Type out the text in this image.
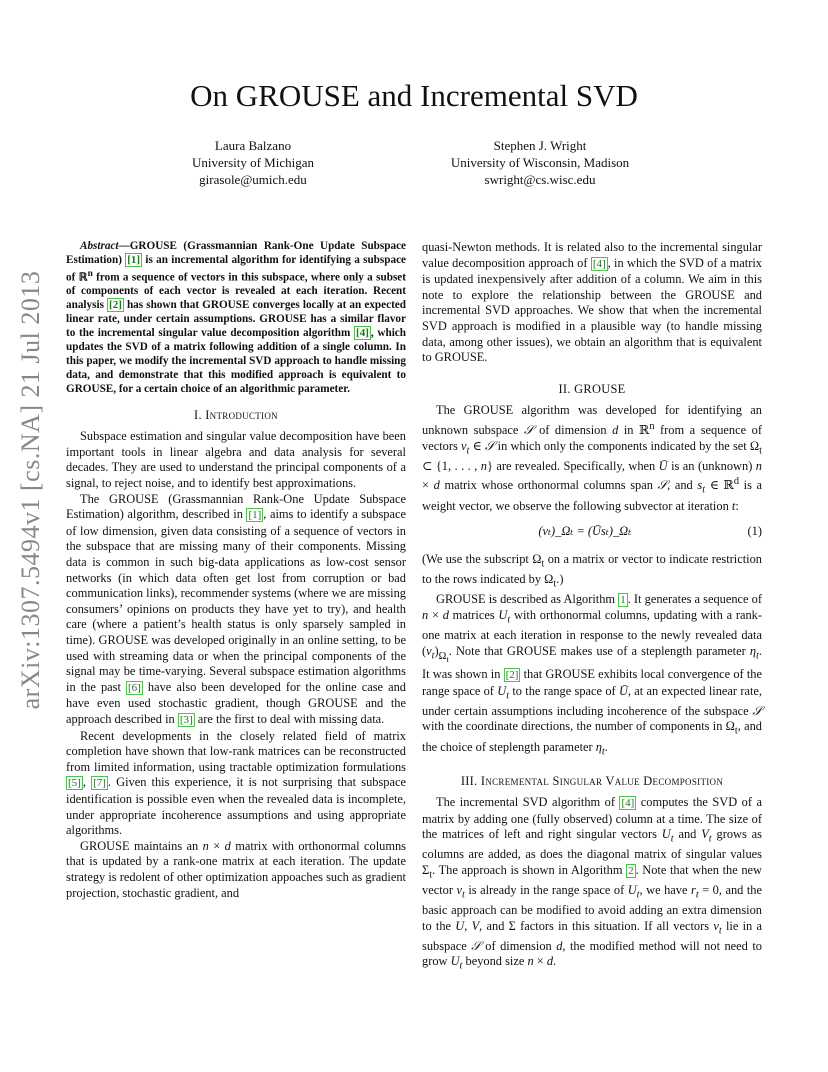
arXiv:1307.5494v1 [cs.NA] 21 Jul 2013
On GROUSE and Incremental SVD
Laura Balzano
University of Michigan
girasole@umich.edu
Stephen J. Wright
University of Wisconsin, Madison
swright@cs.wisc.edu

Abstract—GROUSE (Grassmannian Rank-One Update Subspace Estimation) [1] is an incremental algorithm for identifying a subspace of ℝ$^n$ from a sequence of vectors in this subspace, where only a subset of components of each vector is revealed at each iteration. Recent analysis [2] has shown that GROUSE converges locally at an expected linear rate, under certain assumptions. GROUSE has a similar flavor to the incremental singular value decomposition algorithm [4] , which updates the SVD of a matrix following addition of a single column. In this paper, we modify the incremental SVD approach to handle missing data, and demonstrate that this modified approach is equivalent to GROUSE, for a certain choice of an algorithmic parameter.

I. Introduction

Subspace estimation and singular value decomposition have been important tools in linear algebra and data analysis for several decades. They are used to understand the principal components of a signal, to reject noise, and to identify best approximations.

The GROUSE (Grassmannian Rank-One Update Subspace Estimation) algorithm, described in [1] , aims to identify a subspace of low dimension, given data consisting of a sequence of vectors in the subspace that are missing many of their components. Missing data is common in such big-data applications as low-cost sensor networks (in which data often get lost from corruption or bad communication links), recommender systems (where we are missing consumers’ opinions on products they have yet to try), and health care (where a patient’s health status is only sparsely sampled in time). GROUSE was developed originally in an online setting, to be used with streaming data or when the principal components of the signal may be time-varying. Several subspace estimation algorithms in the past [6] have also been developed for the online case and have even used stochastic gradient, though GROUSE and the approach described in [3] are the first to deal with missing data.

Recent developments in the closely related field of matrix completion have shown that low-rank matrices can be reconstructed from limited information, using tractable optimization formulations [5] , [7] . Given this experience, it is not surprising that subspace identification is possible even when the revealed data is incomplete, under appropriate incoherence assumptions and using appropriate algorithms.

GROUSE maintains an n × d matrix with orthonormal columns that is updated by a rank-one matrix at each iteration. The update strategy is redolent of other optimization appoaches such as gradient projection, stochastic gradient, and

quasi-Newton methods. It is related also to the incremental singular value decomposition approach of [4] , in which the SVD of a matrix is updated inexpensively after addition of a column. We aim in this note to explore the relationship between the GROUSE and incremental SVD approaches. We show that when the incremental SVD approach is modified in a plausible way (to handle missing data, among other issues), we obtain an algorithm that is equivalent to GROUSE.

II. GROUSE

The GROUSE algorithm was developed for identifying an unknown subspace 𝒮 of dimension d in ℝ$^n$ from a sequence of vectors $v_t$ ∈ 𝒮 in which only the components indicated by the set $\Omega_t$ ⊂ {1, . . . , n} are revealed. Specifically, when Ū is an (unknown) n × d matrix whose orthonormal columns span 𝒮, and $s_t$ ∈ ℝ$^d$ is a weight vector, we observe the following subvector at iteration t:

(vₜ)_Ωₜ = (Ūsₜ)_Ωₜ	(1)

(We use the subscript $\Omega_t$ on a matrix or vector to indicate restriction to the rows indicated by $\Omega_t$.)

GROUSE is described as Algorithm 1 . It generates a sequence of n × d matrices $U_t$ with orthonormal columns, updating with a rank-one matrix at each iteration in response to the newly revealed data $(v_t)_{\Omega_t}$. Note that GROUSE makes use of a steplength parameter $\eta_t$. It was shown in [2] that GROUSE exhibits local convergence of the range space of $U_t$ to the range space of Ū, at an expected linear rate, under certain assumptions including incoherence of the subspace 𝒮 with the coordinate directions, the number of components in $\Omega_t$, and the choice of steplength parameter $\eta_t$.

III. Incremental Singular Value Decomposition

The incremental SVD algorithm of [4] computes the SVD of a matrix by adding one (fully observed) column at a time. The size of the matrices of left and right singular vectors $U_t$ and $V_t$ grows as columns are added, as does the diagonal matrix of singular values $\Sigma_t$. The approach is shown in Algorithm 2 . Note that when the new vector $v_t$ is already in the range space of $U_t$, we have $r_t = 0$, and the basic approach can be modified to avoid adding an extra dimension to the U, V, and Σ factors in this situation. If all vectors $v_t$ lie in a subspace 𝒮 of dimension d, the modified method will not need to grow $U_t$ beyond size n × d.
